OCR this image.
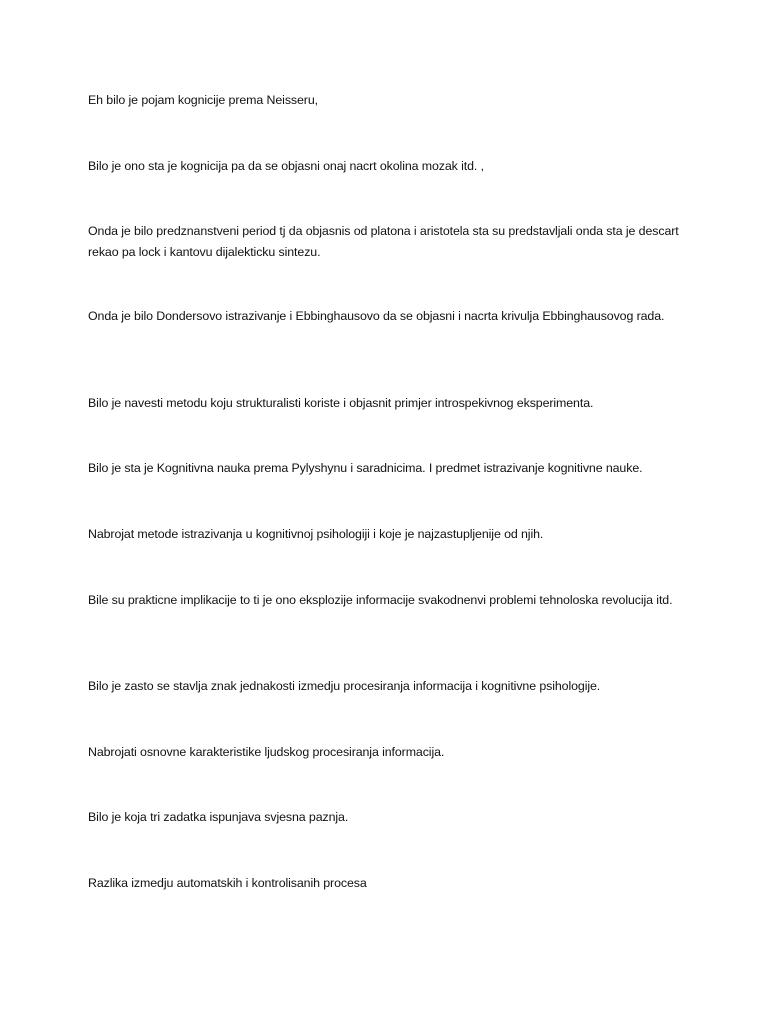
Eh bilo je pojam kognicije prema Neisseru,

Bilo je ono sta je kognicija pa da se objasni onaj nacrt okolina mozak itd. ,

Onda je bilo predznanstveni period tj da objasnis od platona i aristotela sta su predstavljali onda sta je descart rekao pa lock i kantovu dijalekticku sintezu.

Onda je bilo Dondersovo istrazivanje i Ebbinghausovo da se objasni i nacrta krivulja Ebbinghausovog rada.

Bilo je navesti metodu koju strukturalisti koriste i objasnit primjer introspekivnog eksperimenta.

Bilo je sta je Kognitivna nauka prema Pylyshynu i saradnicima. I predmet istrazivanje kognitivne nauke.

Nabrojat metode istrazivanja u kognitivnoj psihologiji i koje je najzastupljenije od njih.

Bile su prakticne implikacije to ti je ono eksplozije informacije svakodnenvi problemi tehnoloska revolucija itd.

Bilo je zasto se stavlja znak jednakosti izmedju procesiranja informacija i kognitivne psihologije.

Nabrojati osnovne karakteristike ljudskog procesiranja informacija.

Bilo je koja tri zadatka ispunjava svjesna paznja.

Razlika izmedju automatskih i kontrolisanih procesa
